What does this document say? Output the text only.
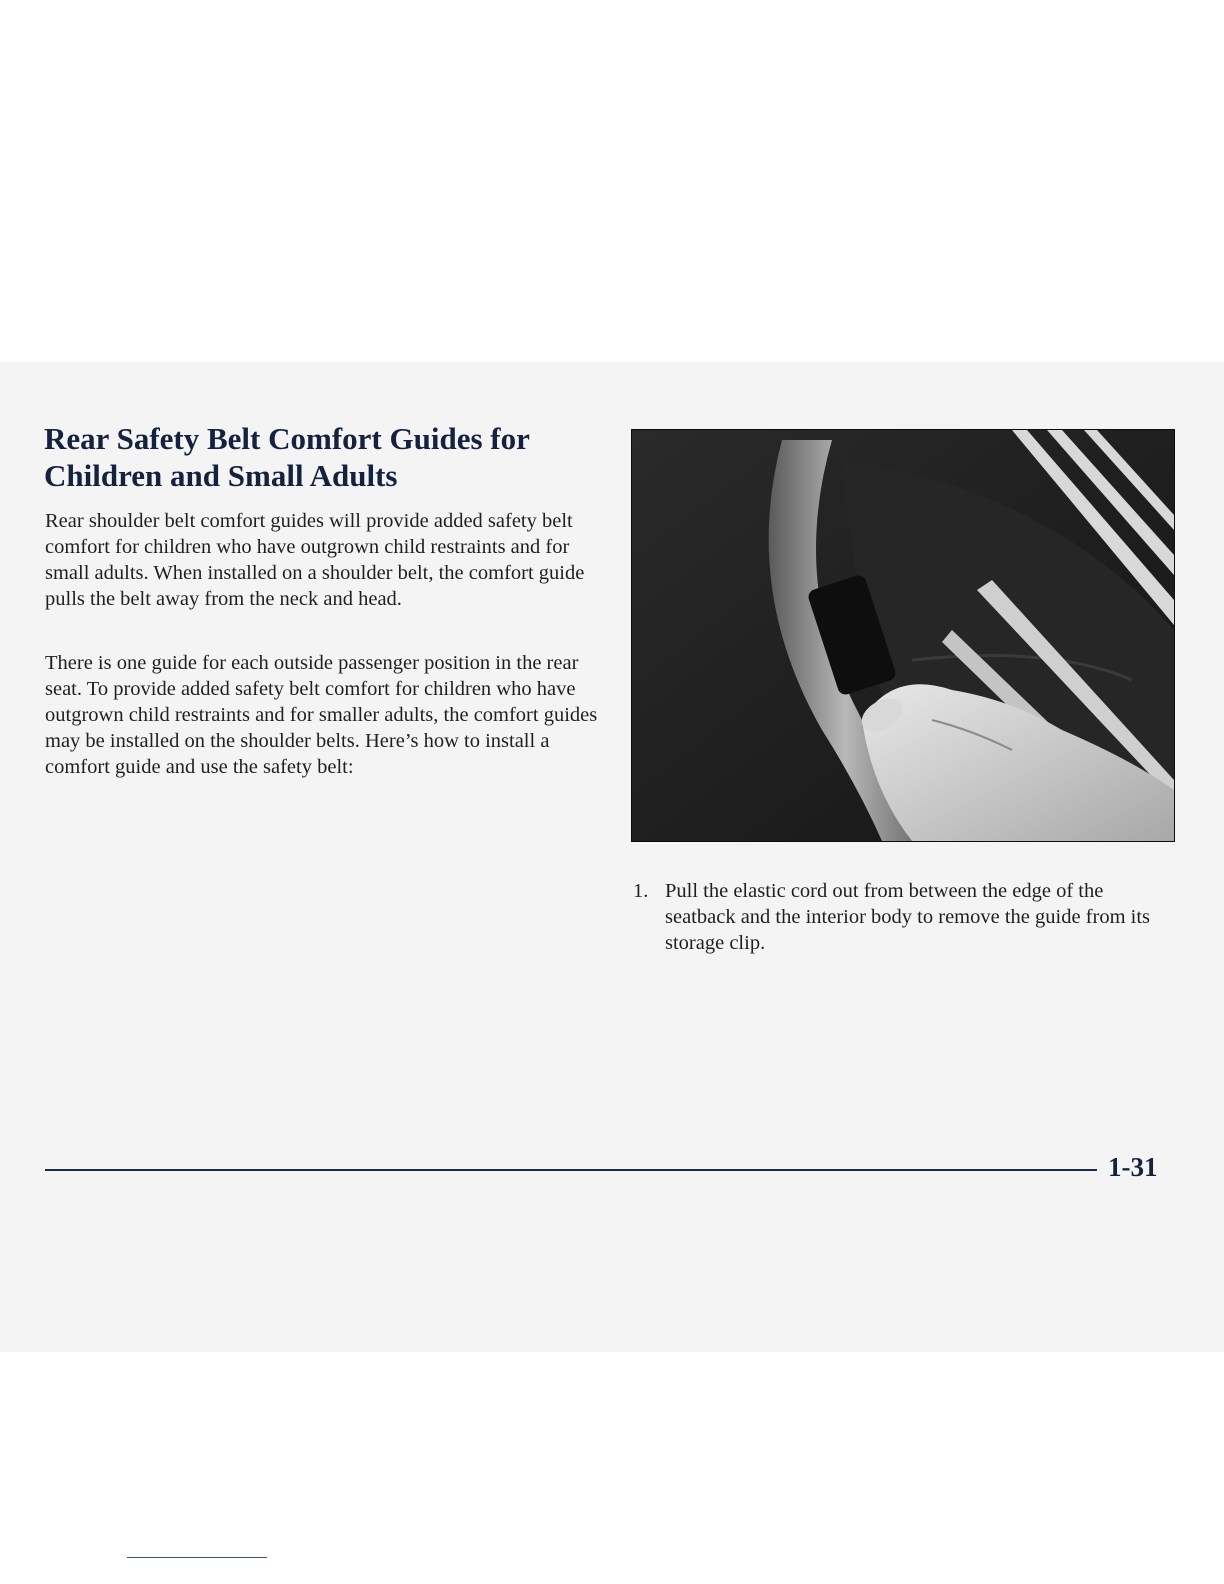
Rear Safety Belt Comfort Guides for Children and Small Adults

Rear shoulder belt comfort guides will provide added safety belt comfort for children who have outgrown child restraints and for small adults. When installed on a shoulder belt, the comfort guide pulls the belt away from the neck and head.

There is one guide for each outside passenger position in the rear seat. To provide added safety belt comfort for children who have outgrown child restraints and for smaller adults, the comfort guides may be installed on the shoulder belts. Here’s how to install a comfort guide and use the safety belt:

1. Pull the elastic cord out from between the edge of the seatback and the interior body to remove the guide from its storage clip.
1-31
